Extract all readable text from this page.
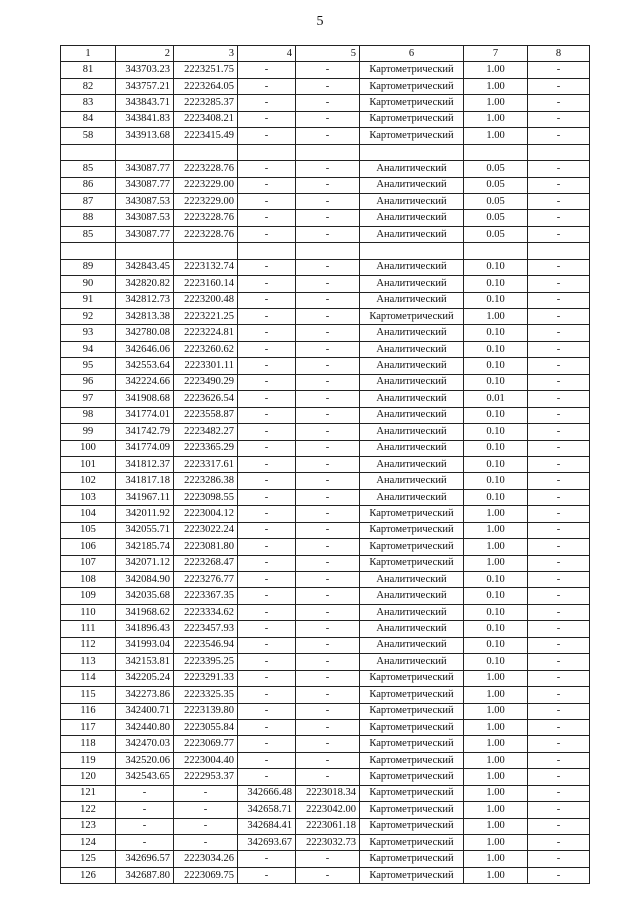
5
1	2	3	4	5	6	7	8
81	343703.23	2223251.75	-	-	Картометрический	1.00	-
82	343757.21	2223264.05	-	-	Картометрический	1.00	-
83	343843.71	2223285.37	-	-	Картометрический	1.00	-
84	343841.83	2223408.21	-	-	Картометрический	1.00	-
58	343913.68	2223415.49	-	-	Картометрический	1.00	-

85	343087.77	2223228.76	-	-	Аналитический	0.05	-
86	343087.77	2223229.00	-	-	Аналитический	0.05	-
87	343087.53	2223229.00	-	-	Аналитический	0.05	-
88	343087.53	2223228.76	-	-	Аналитический	0.05	-
85	343087.77	2223228.76	-	-	Аналитический	0.05	-

89	342843.45	2223132.74	-	-	Аналитический	0.10	-
90	342820.82	2223160.14	-	-	Аналитический	0.10	-
91	342812.73	2223200.48	-	-	Аналитический	0.10	-
92	342813.38	2223221.25	-	-	Картометрический	1.00	-
93	342780.08	2223224.81	-	-	Аналитический	0.10	-
94	342646.06	2223260.62	-	-	Аналитический	0.10	-
95	342553.64	2223301.11	-	-	Аналитический	0.10	-
96	342224.66	2223490.29	-	-	Аналитический	0.10	-
97	341908.68	2223626.54	-	-	Аналитический	0.01	-
98	341774.01	2223558.87	-	-	Аналитический	0.10	-
99	341742.79	2223482.27	-	-	Аналитический	0.10	-
100	341774.09	2223365.29	-	-	Аналитический	0.10	-
101	341812.37	2223317.61	-	-	Аналитический	0.10	-
102	341817.18	2223286.38	-	-	Аналитический	0.10	-
103	341967.11	2223098.55	-	-	Аналитический	0.10	-
104	342011.92	2223004.12	-	-	Картометрический	1.00	-
105	342055.71	2223022.24	-	-	Картометрический	1.00	-
106	342185.74	2223081.80	-	-	Картометрический	1.00	-
107	342071.12	2223268.47	-	-	Картометрический	1.00	-
108	342084.90	2223276.77	-	-	Аналитический	0.10	-
109	342035.68	2223367.35	-	-	Аналитический	0.10	-
110	341968.62	2223334.62	-	-	Аналитический	0.10	-
111	341896.43	2223457.93	-	-	Аналитический	0.10	-
112	341993.04	2223546.94	-	-	Аналитический	0.10	-
113	342153.81	2223395.25	-	-	Аналитический	0.10	-
114	342205.24	2223291.33	-	-	Картометрический	1.00	-
115	342273.86	2223325.35	-	-	Картометрический	1.00	-
116	342400.71	2223139.80	-	-	Картометрический	1.00	-
117	342440.80	2223055.84	-	-	Картометрический	1.00	-
118	342470.03	2223069.77	-	-	Картометрический	1.00	-
119	342520.06	2223004.40	-	-	Картометрический	1.00	-
120	342543.65	2222953.37	-	-	Картометрический	1.00	-
121	-	-	342666.48	2223018.34	Картометрический	1.00	-
122	-	-	342658.71	2223042.00	Картометрический	1.00	-
123	-	-	342684.41	2223061.18	Картометрический	1.00	-
124	-	-	342693.67	2223032.73	Картометрический	1.00	-
125	342696.57	2223034.26	-	-	Картометрический	1.00	-
126	342687.80	2223069.75	-	-	Картометрический	1.00	-
